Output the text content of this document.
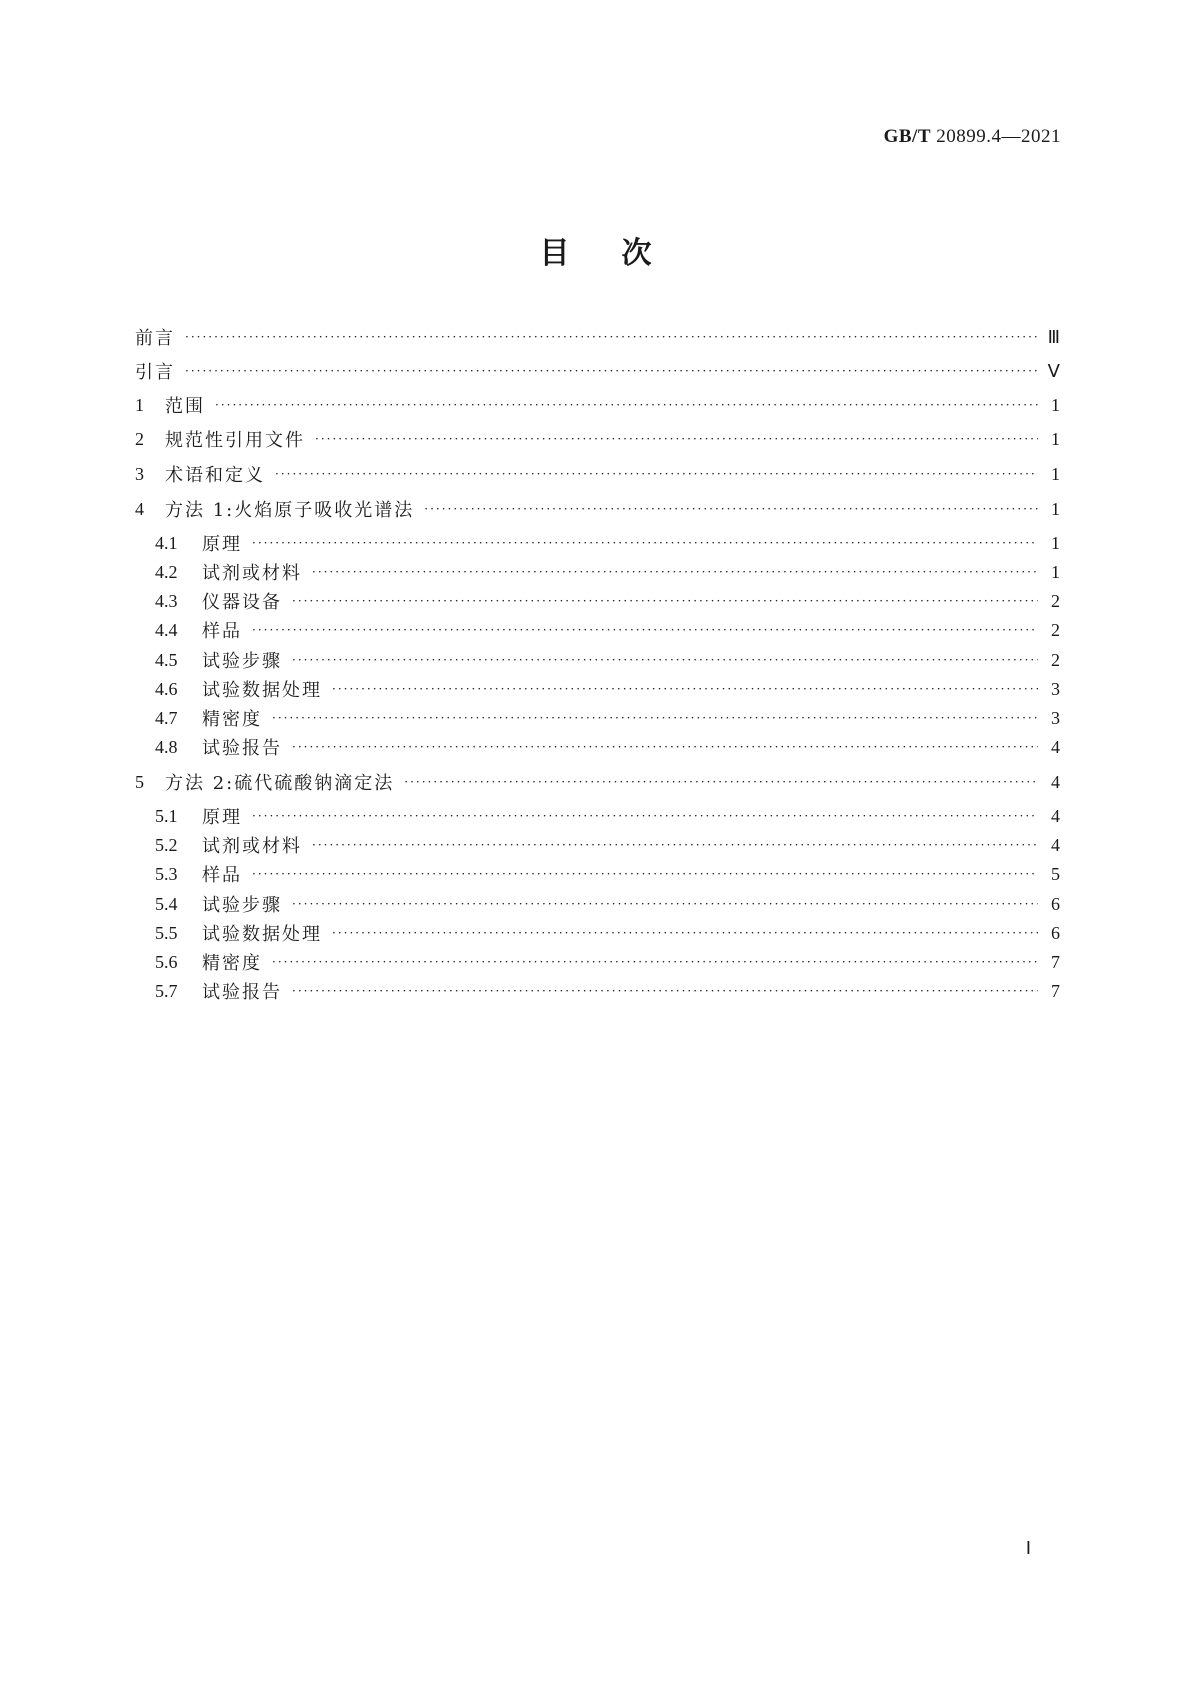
GB/T 20899.4—2021
目次
前言 ·····	Ⅲ
引言 ·····	Ⅴ
1	范围 ·····	1
2	规范性引用文件 ·····	1
3	术语和定义 ·····	1
4	方法 1:火焰原子吸收光谱法 ·····	1
4.1	原理 ·····	1
4.2	试剂或材料 ·····	1
4.3	仪器设备 ·····	2
4.4	样品 ·····	2
4.5	试验步骤 ·····	2
4.6	试验数据处理 ·····	3
4.7	精密度 ·····	3
4.8	试验报告 ·····	4
5	方法 2:硫代硫酸钠滴定法 ·····	4
5.1	原理 ·····	4
5.2	试剂或材料 ·····	4
5.3	样品 ·····	5
5.4	试验步骤 ·····	6
5.5	试验数据处理 ·····	6
5.6	精密度 ·····	7
5.7	试验报告 ·····	7
Ⅰ
